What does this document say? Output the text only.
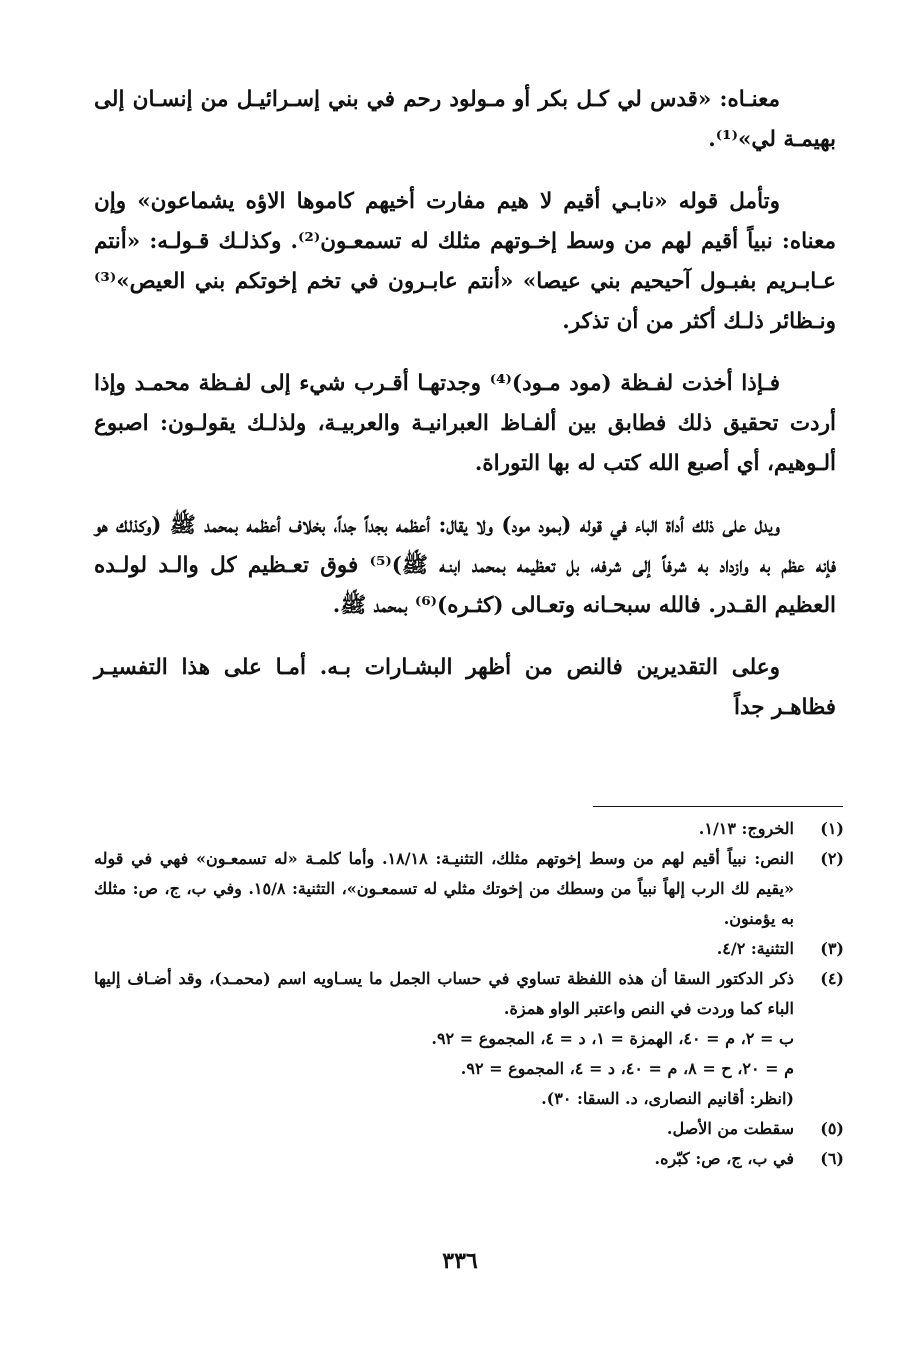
معنـاه: «قدس لي كـل بكر أو مـولود رحم في بني إسـرائيـل من إنسـان إلى بهيمـة لي»⁽¹⁾.

وتأمل قوله «نابـي أقيم لا هيم مفارت أخيهم كاموها الاؤه يشماعون» وإن معناه: نبياً أقيم لهم من وسط إخـوتهم مثلك له تسمعـون⁽²⁾. وكذلـك قـولـه: «أنتم عـابـريم بفبـول آحيحيم بني عيصا» «أنتم عابـرون في تخم إخوتكم بني العيص»⁽³⁾ ونـظائر ذلـك أكثر من أن تذكر.

فـإذا أخذت لفـظة (مود مـود)⁽⁴⁾ وجدتهـا أقـرب شيء إلى لفـظة محمـد وإذا أردت تحقيق ذلك فطابق بين ألفـاظ العبرانيـة والعربيـة، ولذلـك يقولـون: اصبوع ألـوهيم، أي أصبع الله كتب له بها التوراة.

ويدل على ذلك أداة الباء في قوله (بمود مود) ولا يقال: أعظمه بجداً جداً، بخلاف أعظمه بمحمد ﷺ (وكذلك هو فإنه عظم به وازداد به شرفاً إلى شرفه، بل تعظيمه بمحمد ابنـه ﷺ)⁽⁵⁾ فوق تعـظيم كل والـد لولـده العظيم القـدر. فالله سبحـانه وتعـالى (كثـره)⁽⁶⁾ بمحمد ﷺ.

وعلى التقديرين فالنص من أظهر البشـارات بـه. أمـا على هذا التفسيـر فظاهـر جداً

(١)
الخروج: ١/١٣.
(٢)
النص: نبياً أقيم لهم من وسط إخوتهم مثلك، التثنيـة: ١٨/١٨. وأما كلمـة «له تسمعـون» فهي في قوله «يقيم لك الرب إلهاً نبياً من وسطك من إخوتك مثلي له تسمعـون»، التثنية: ١٥/٨. وفي ب، ج، ص: مثلك به يؤمنون.
(٣)
التثنية: ٤/٢.
(٤)
ذكر الدكتور السقا أن هذه اللفظة تساوي في حساب الجمل ما يسـاويه اسم (محمـد)، وقد أضـاف إليها الباء كما وردت في النص واعتبر الواو همزة.
ب = ٢، م = ٤٠، الهمزة = ١، د = ٤، المجموع = ٩٢.
م = ٢٠، ح = ٨، م = ٤٠، د = ٤، المجموع = ٩٢.
(انظر: أقانيم النصارى، د. السقا: ٣٠).
(٥)
سقطت من الأصل.
(٦)
في ب، ج، ص: كبّره.
٣٣٦
